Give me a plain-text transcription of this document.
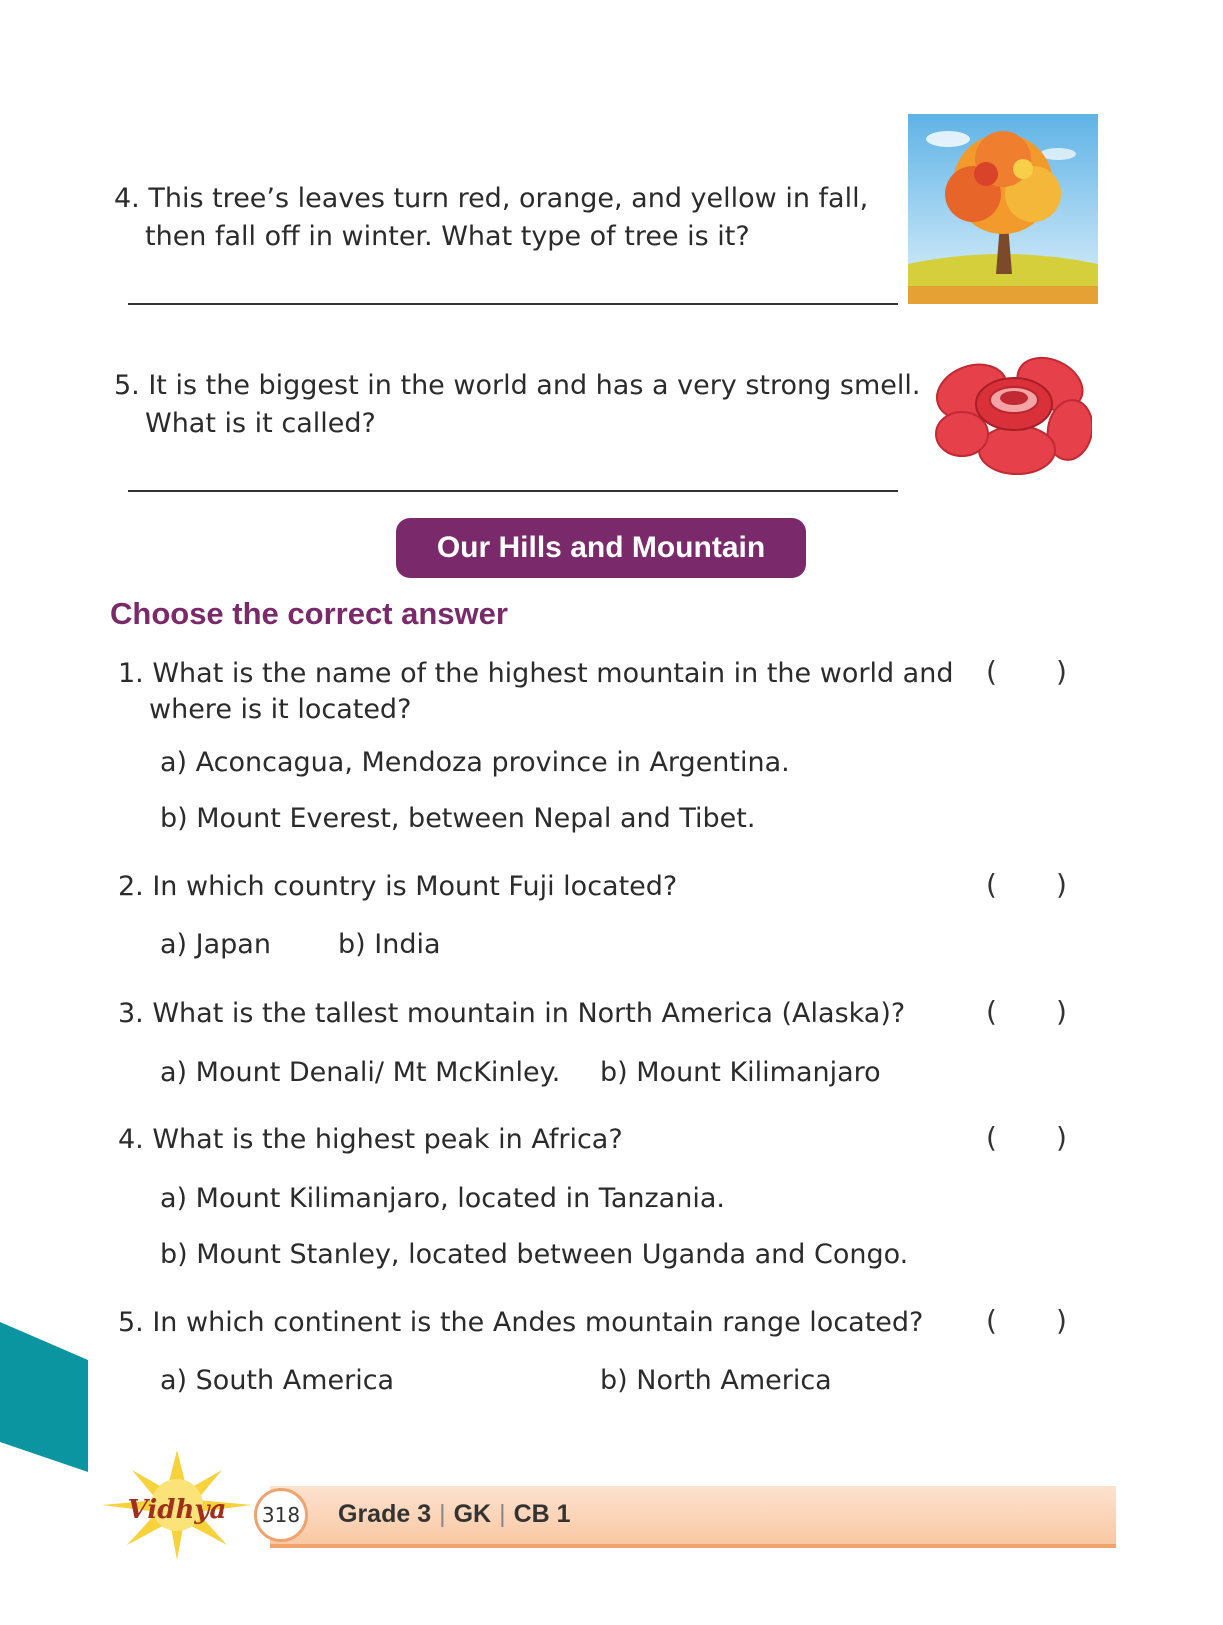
4. This tree’s leaves turn red, orange, and yellow in fall,
then fall off in winter. What type of tree is it?
5. It is the biggest in the world and has a very strong smell.
What is it called?
Our Hills and Mountain
Choose the correct answer
1. What is the name of the highest mountain in the world and
where is it located?
( )
a) Aconcagua, Mendoza province in Argentina.
b) Mount Everest, between Nepal and Tibet.
2. In which country is Mount Fuji located?	( )
a) Japan b) India
3. What is the tallest mountain in North America (Alaska)?	( )
a) Mount Denali/ Mt McKinley. b) Mount Kilimanjaro
4. What is the highest peak in Africa?	( )
a) Mount Kilimanjaro, located in Tanzania.
b) Mount Stanley, located between Uganda and Congo.
5. In which continent is the Andes mountain range located? ( )
a) South America	b) North America
Vidhya	318	Grade 3 | GK | CB 1
